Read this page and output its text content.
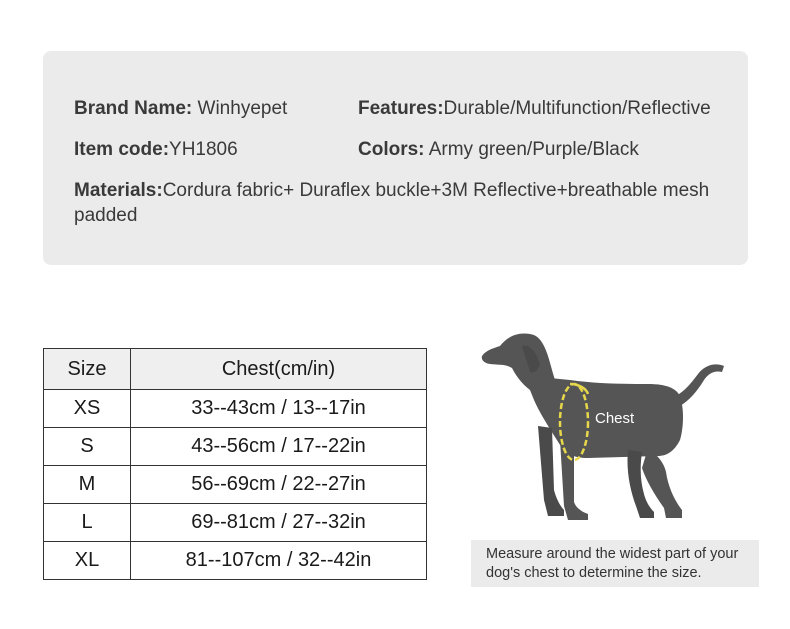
Brand Name: Winhyepet	Features:Durable/Multifunction/Reflective
Item code:YH1806	Colors: Army green/Purple/Black
Materials:Cordura fabric+ Duraflex buckle+3M Reflective+breathable mesh padded
Size	Chest(cm/in)
XS	33--43cm / 13--17in
S	43--56cm / 17--22in
M	56--69cm / 22--27in
L	69--81cm / 27--32in
XL	81--107cm / 32--42in
Chest
Measure around the widest part of your dog's chest to determine the size.
